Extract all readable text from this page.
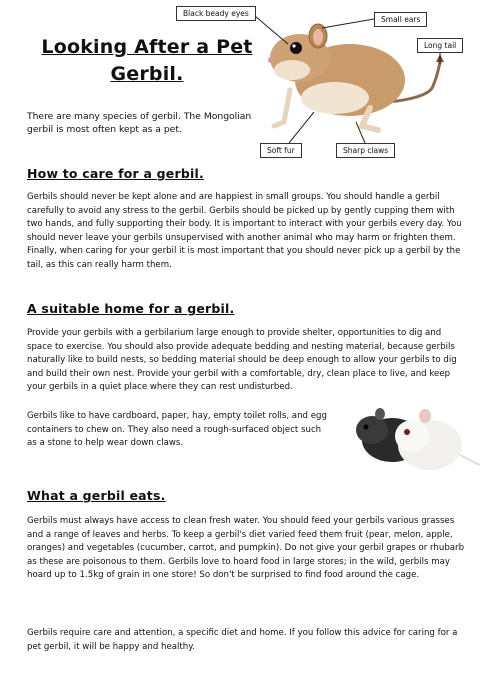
Looking After a Pet
Gerbil.
There are many species of gerbil. The Mongolian gerbil is most often kept as a pet.
Black beady eyes
Small ears
Long tail
Soft fur	Sharp claws
How to care for a gerbil.
Gerbils should never be kept alone and are happiest in small groups. You should handle a gerbil carefully to avoid any stress to the gerbil. Gerbils should be picked up by gently cupping them with two hands, and fully supporting their body. It is important to interact with your gerbils every day. You should never leave your gerbils unsupervised with another animal who may harm or frighten them. Finally, when caring for your gerbil it is most important that you should never pick up a gerbil by the tail, as this can really harm them.
A suitable home for a gerbil.
Provide your gerbils with a gerbilarium large enough to provide shelter, opportunities to dig and space to exercise. You should also provide adequate bedding and nesting material, because gerbils naturally like to build nests, so bedding material should be deep enough to allow your gerbils to dig and build their own nest. Provide your gerbil with a comfortable, dry, clean place to live, and keep your gerbils in a quiet place where they can rest undisturbed.
Gerbils like to have cardboard, paper, hay, empty toilet rolls, and egg containers to chew on. They also need a rough-surfaced object such as a stone to help wear down claws.
What a gerbil eats.
Gerbils must always have access to clean fresh water. You should feed your gerbils various grasses and a range of leaves and herbs. To keep a gerbil's diet varied feed them fruit (pear, melon, apple, oranges) and vegetables (cucumber, carrot, and pumpkin). Do not give your gerbil grapes or rhubarb as these are poisonous to them. Gerbils love to hoard food in large stores; in the wild, gerbils may hoard up to 1.5kg of grain in one store! So don't be surprised to find food around the cage.
Gerbils require care and attention, a specific diet and home. If you follow this advice for caring for a pet gerbil, it will be happy and healthy.
